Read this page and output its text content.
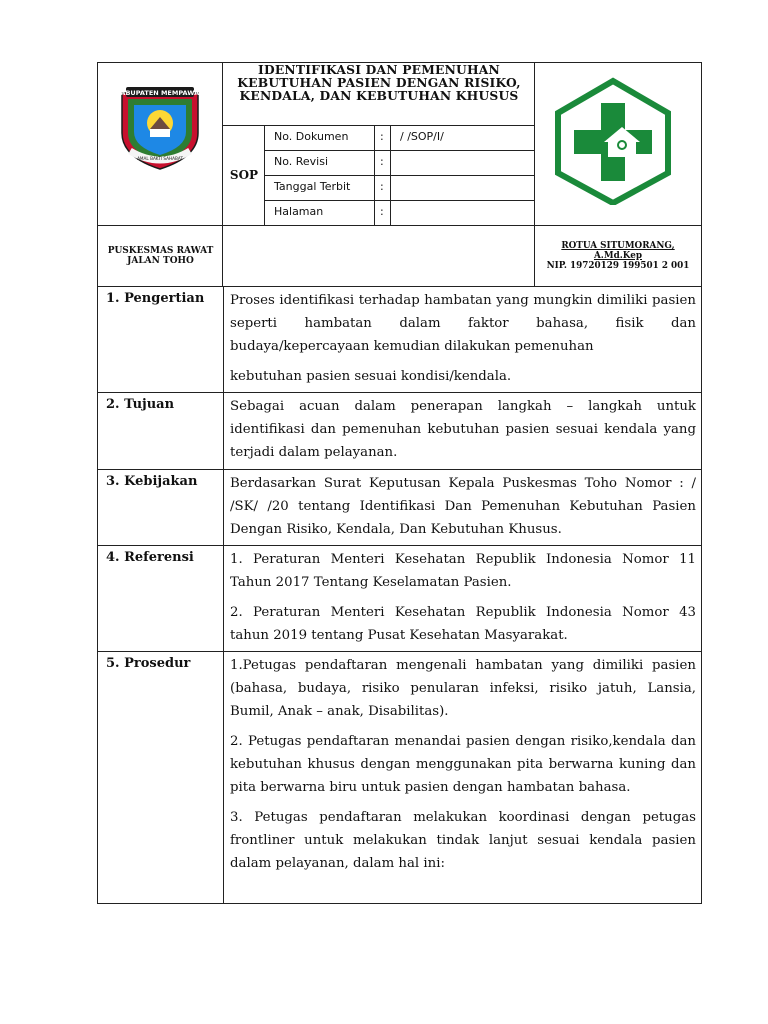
KABUPATEN MEMPAWAH
AMAL BAKTI SAHABAT
IDENTIFIKASI DAN PEMENUHAN KEBUTUHAN PASIEN DENGAN RISIKO, KENDALA, DAN KEBUTUHAN KHUSUS
SOP
No. Dokumen	: / /SOP/I/
No. Revisi	:
Tanggal Terbit	:
Halaman	:
PUSKESMAS RAWAT
JALAN TOHO
ROTUA SITUMORANG,
A.Md.Kep
NIP. 19720129 199501 2 001
1. Pengertian	Proses identifikasi terhadap hambatan yang mungkin dimiliki pasien seperti hambatan dalam faktor bahasa, fisik dan budaya/kepercayaan kemudian dilakukan pemenuhan

kebutuhan pasien sesuai kondisi/kendala.

2. Tujuan	Sebagai acuan dalam penerapan langkah – langkah untuk identifikasi dan pemenuhan kebutuhan pasien sesuai kendala yang terjadi dalam pelayanan.

3. Kebijakan	Berdasarkan Surat Keputusan Kepala Puskesmas Toho Nomor : / /SK/ /20 tentang Identifikasi Dan Pemenuhan Kebutuhan Pasien Dengan Risiko, Kendala, Dan Kebutuhan Khusus.

4. Referensi	1. Peraturan Menteri Kesehatan Republik Indonesia Nomor 11 Tahun 2017 Tentang Keselamatan Pasien.

2. Peraturan Menteri Kesehatan Republik Indonesia Nomor 43 tahun 2019 tentang Pusat Kesehatan Masyarakat.

5. Prosedur	1.Petugas pendaftaran mengenali hambatan yang dimiliki pasien (bahasa, budaya, risiko penularan infeksi, risiko jatuh, Lansia, Bumil, Anak – anak, Disabilitas).

2. Petugas pendaftaran menandai pasien dengan risiko,kendala dan kebutuhan khusus dengan menggunakan pita berwarna kuning dan pita berwarna biru untuk pasien dengan hambatan bahasa.

3. Petugas pendaftaran melakukan koordinasi dengan petugas frontliner untuk melakukan tindak lanjut sesuai kendala pasien dalam pelayanan, dalam hal ini:
